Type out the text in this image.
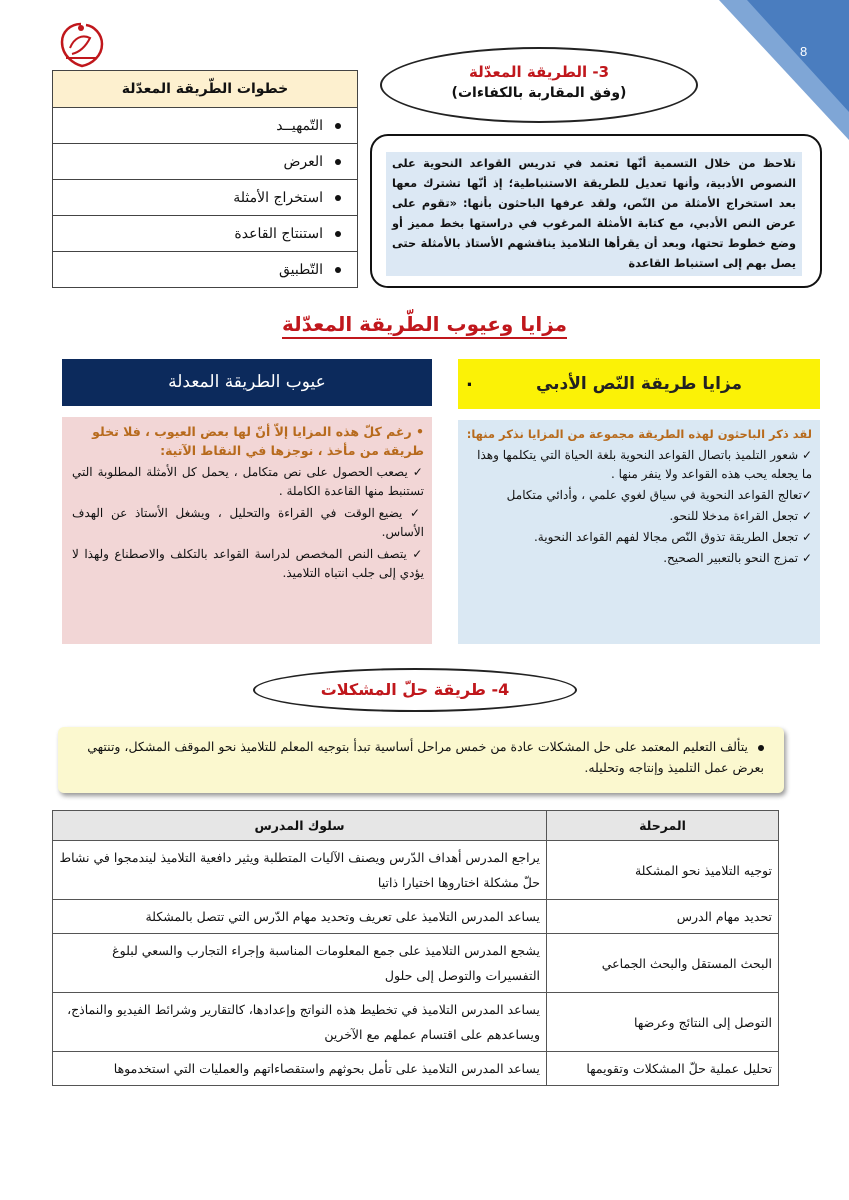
8
خطوات الطّريقة المعدّلة
التّمهيــد
العرض
استخراج الأمثلة
استنتاج القاعدة
التّطبيق
3- الطريقة المعدّلة
(وفق المقاربة بالكفاءات)
نلاحظ من خلال التسمية أنّها تعتمد في تدريس القواعد النحوية على النصوص الأدبية، وأنها تعديل للطريقة الاستنباطية؛ إذ أنّها تشترك معها بعد استخراج الأمثلة من النّص، ولقد عرفها الباحثون بأنها: «تقوم على عرض النص الأدبي، مع كتابة الأمثلة المرغوب في دراستها بخط مميز أو وضع خطوط تحتها، وبعد أن يقرأها التلاميذ يناقشهم الأستاذ بالأمثلة حتى يصل بهم إلى استنباط القاعدة
مزايا وعيوب الطّريقة المعدّلة
عيوب الطريقة المعدلة
• رغم كلّ هذه المزايا إلاّ أنّ لها بعض العيوب ، فلا تخلو طريقة من مأخذ ، نوجزها في النقاط الآتية:
✓ يصعب الحصول على نص متكامل ، يحمل كل الأمثلة المطلوبة التي تستنبط منها القاعدة الكاملة .
✓ يضيع الوقت في القراءة والتحليل ، ويشغل الأستاذ عن الهدف الأساس.
✓ يتصف النص المخصص لدراسة القواعد بالتكلف والاصطناع ولهذا لا يؤدي إلى جلب انتباه التلاميذ.
مزايا طريقة النّص الأدبي
.
لقد ذكر الباحثون لهذه الطريقة مجموعة من المزايا نذكر منها:
✓ شعور التلميذ باتصال القواعد النحوية بلغة الحياة التي يتكلمها وهذا ما يجعله يحب هذه القواعد ولا ينفر منها .
✓تعالج القواعد النحوية في سياق لغوي علمي ، وأدائي متكامل
✓ تجعل القراءة مدخلا للنحو.
✓ تجعل الطريقة تذوق النّص مجالا لفهم القواعد النحوية.
✓ تمزج النحو بالتعبير الصحيح.
4- طريقة حلّ المشكلات
يتألف التعليم المعتمد على حل المشكلات عادة من خمس مراحل أساسية تبدأ بتوجيه المعلم للتلاميذ نحو الموقف المشكل، وتنتهي بعرض عمل التلميذ وإنتاجه وتحليله.
المرحلة	سلوك المدرس
توجيه التلاميذ نحو المشكلة	يراجع المدرس أهداف الدّرس ويصنف الآليات المتطلبة ويثير دافعية التلاميذ ليندمجوا في نشاط حلّ مشكلة اختاروها اختيارا ذاتيا
تحديد مهام الدرس	يساعد المدرس التلاميذ على تعريف وتحديد مهام الدّرس التي تتصل بالمشكلة
البحث المستقل والبحث الجماعي	يشجع المدرس التلاميذ على جمع المعلومات المناسبة وإجراء التجارب والسعي لبلوغ التفسيرات والتوصل إلى حلول
التوصل إلى النتائج وعرضها	يساعد المدرس التلاميذ في تخطيط هذه النواتج وإعدادها، كالتقارير وشرائط الفيديو والنماذج، ويساعدهم على اقتسام عملهم مع الآخرين
تحليل عملية حلّ المشكلات وتقويمها	يساعد المدرس التلاميذ على تأمل بحوثهم واستقصاءاتهم والعمليات التي استخدموها
